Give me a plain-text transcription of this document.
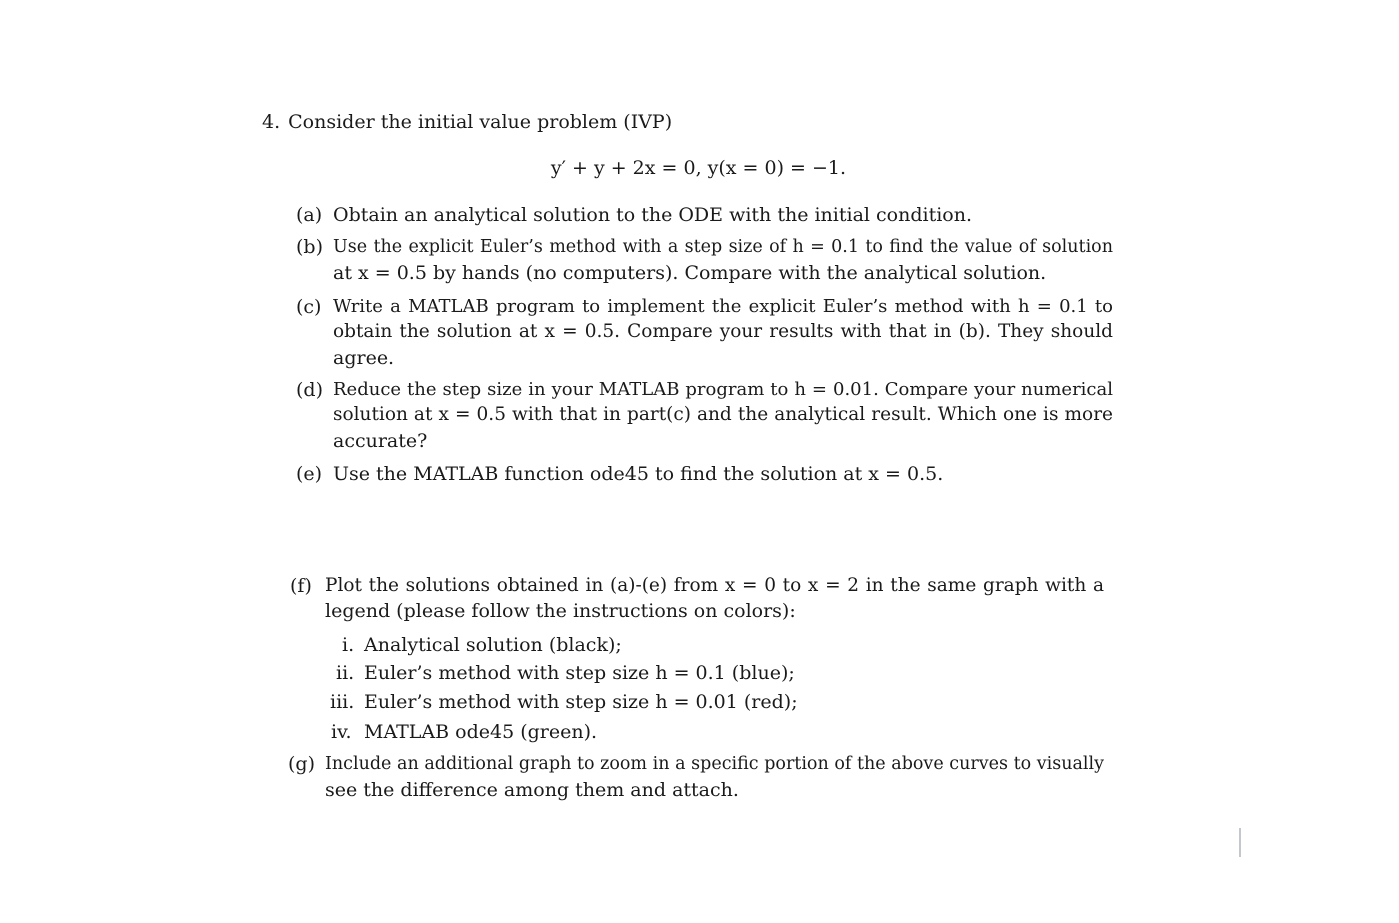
4. Consider the initial value problem (IVP)
y′ + y + 2x = 0, y(x = 0) = −1.
(a) Obtain an analytical solution to the ODE with the initial condition.
(b) Use the explicit Euler’s method with a step size of h = 0.1 to find the value of solution
at x = 0.5 by hands (no computers). Compare with the analytical solution.
(c) Write a MATLAB program to implement the explicit Euler’s method with h = 0.1 to
obtain the solution at x = 0.5. Compare your results with that in (b). They should
agree.
(d) Reduce the step size in your MATLAB program to h = 0.01. Compare your numerical
solution at x = 0.5 with that in part(c) and the analytical result. Which one is more
accurate?
(e) Use the MATLAB function ode45 to find the solution at x = 0.5.
(f) Plot the solutions obtained in (a)-(e) from x = 0 to x = 2 in the same graph with a
legend (please follow the instructions on colors):
i. Analytical solution (black);
ii. Euler’s method with step size h = 0.1 (blue);
iii. Euler’s method with step size h = 0.01 (red);
iv. MATLAB ode45 (green).
(g) Include an additional graph to zoom in a specific portion of the above curves to visually
see the difference among them and attach.
